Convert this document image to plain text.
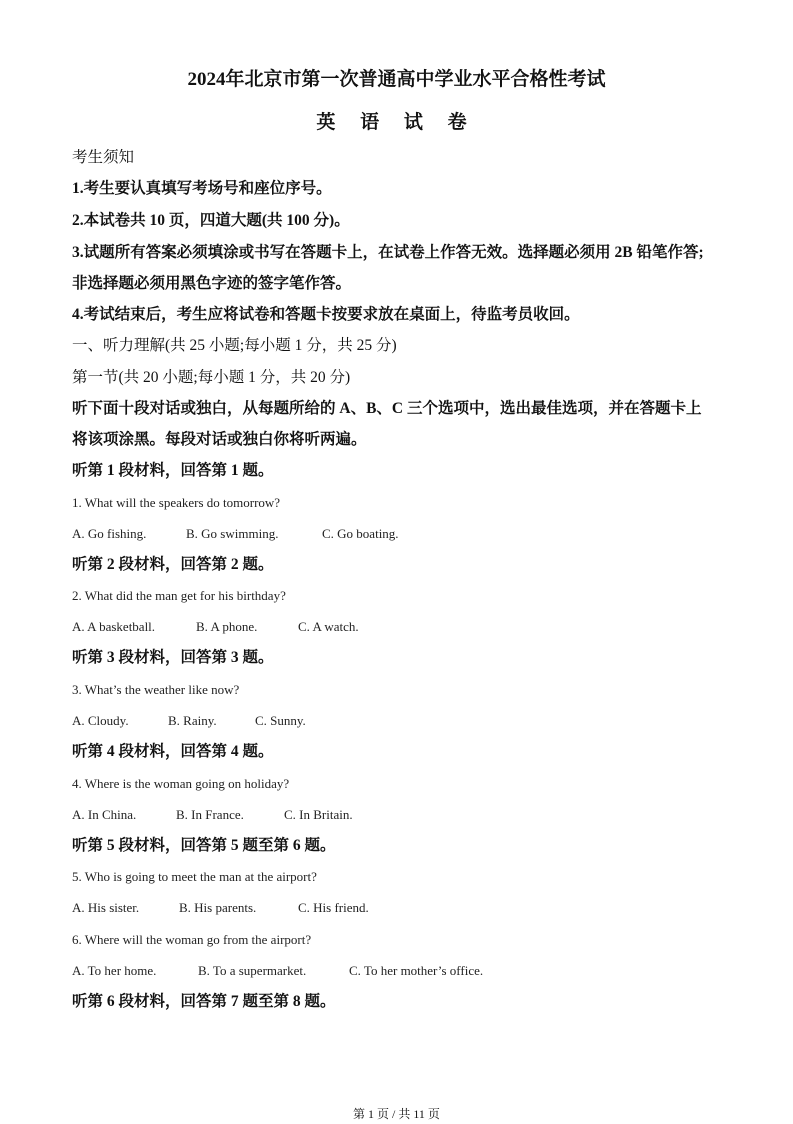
2024年北京市第一次普通高中学业水平合格性考试
英 语 试 卷
考生须知
1.考生要认真填写考场号和座位序号。
2.本试卷共 10 页，四道大题(共 100 分)。
3.试题所有答案必须填涂或书写在答题卡上，在试卷上作答无效。选择题必须用 2B 铅笔作答;
非选择题必须用黑色字迹的签字笔作答。
4.考试结束后，考生应将试卷和答题卡按要求放在桌面上，待监考员收回。
一、听力理解(共 25 小题;每小题 1 分，共 25 分)
第一节(共 20 小题;每小题 1 分，共 20 分)
听下面十段对话或独白，从每题所给的 A、B、C 三个选项中，选出最佳选项，并在答题卡上
将该项涂黑。每段对话或独白你将听两遍。
听第 1 段材料，回答第 1 题。
1. What will the speakers do tomorrow?
A. Go fishing.	B. Go swimming.	C. Go boating.
听第 2 段材料，回答第 2 题。
2. What did the man get for his birthday?
A. A basketball.	B. A phone.	C. A watch.
听第 3 段材料，回答第 3 题。
3. What’s the weather like now?
A. Cloudy.	B. Rainy.	C. Sunny.
听第 4 段材料，回答第 4 题。
4. Where is the woman going on holiday?
A. In China.	B. In France.	C. In Britain.
听第 5 段材料，回答第 5 题至第 6 题。
5. Who is going to meet the man at the airport?
A. His sister.	B. His parents.	C. His friend.
6. Where will the woman go from the airport?
A. To her home.	B. To a supermarket.	C. To her mother’s office.
听第 6 段材料，回答第 7 题至第 8 题。
第 1 页 / 共 11 页
